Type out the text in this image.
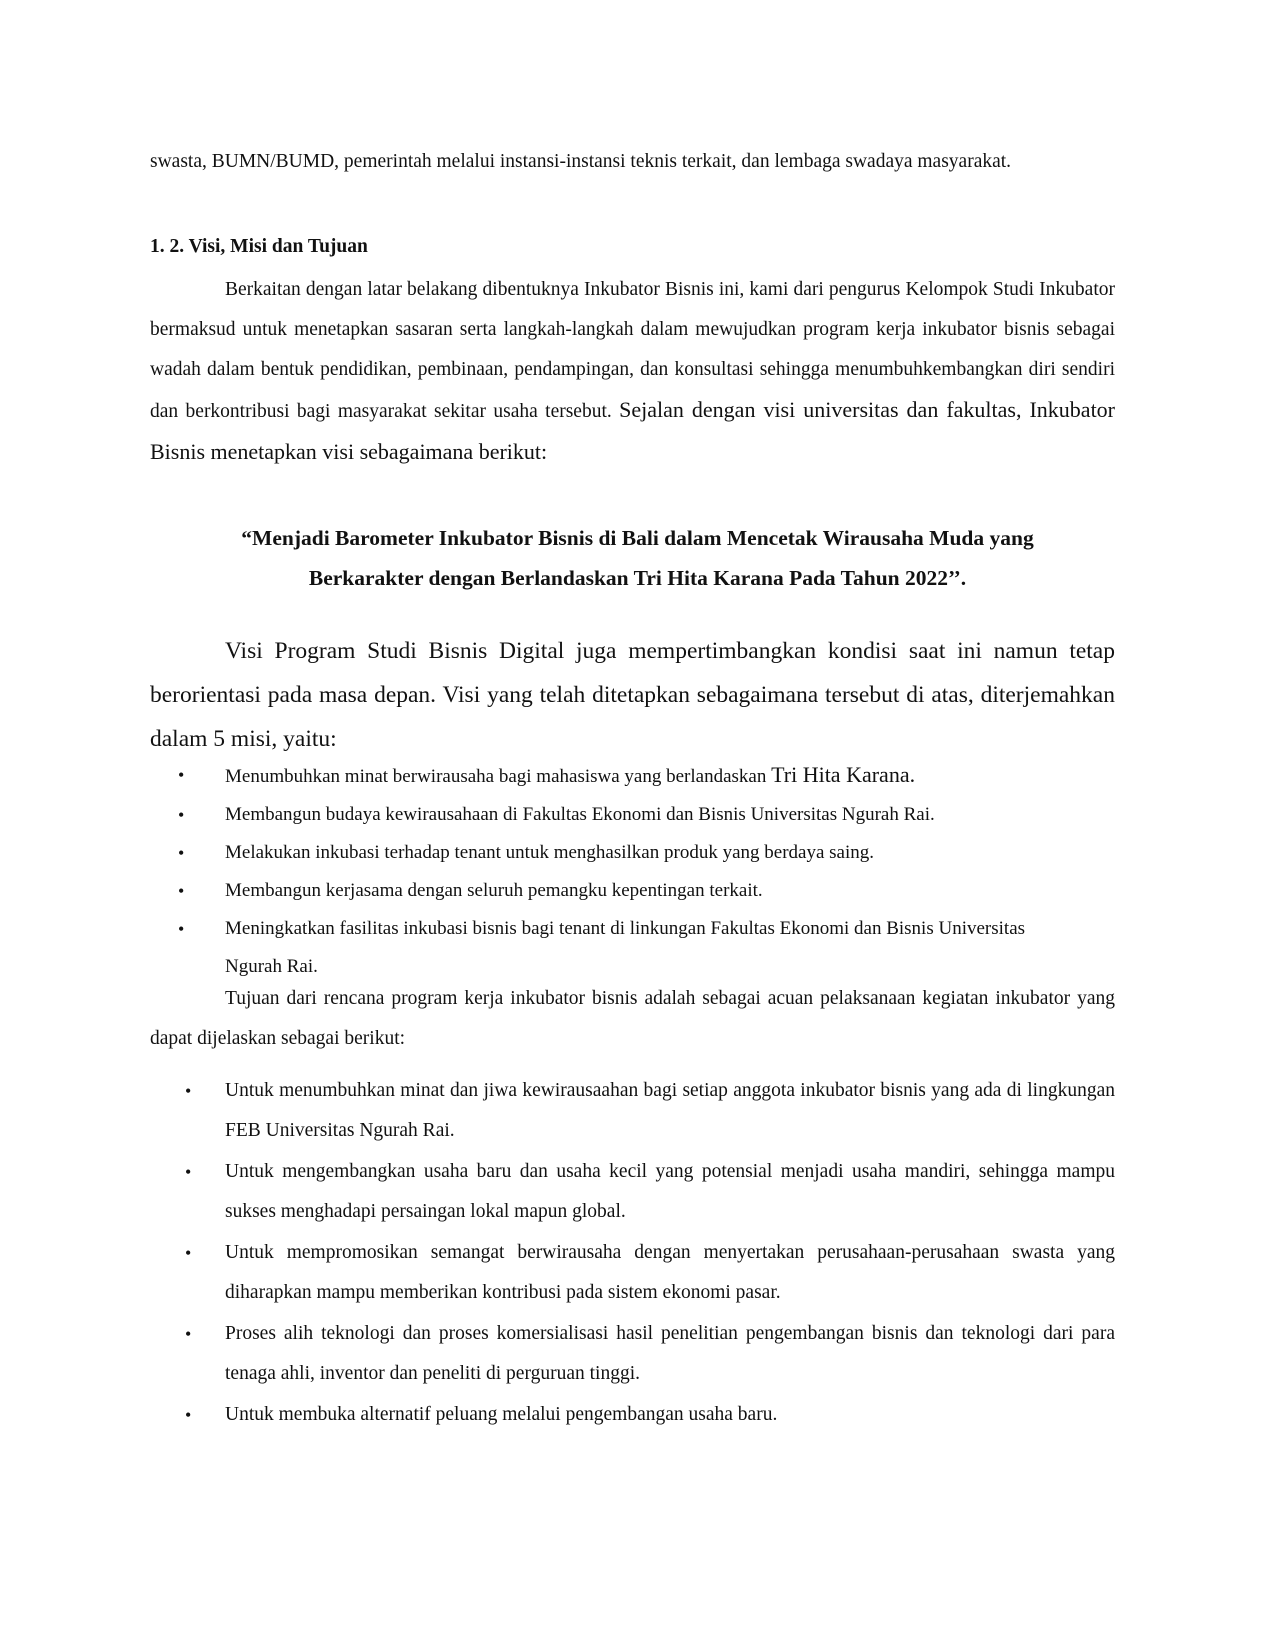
swasta, BUMN/BUMD, pemerintah melalui instansi-instansi teknis terkait, dan lembaga swadaya masyarakat.

1. 2. Visi, Misi dan Tujuan

Berkaitan dengan latar belakang dibentuknya Inkubator Bisnis ini, kami dari pengurus Kelompok Studi Inkubator bermaksud untuk menetapkan sasaran serta langkah-langkah dalam mewujudkan program kerja inkubator bisnis sebagai wadah dalam bentuk pendidikan, pembinaan, pendampingan, dan konsultasi sehingga menumbuhkembangkan diri sendiri dan berkontribusi bagi masyarakat sekitar usaha tersebut. Sejalan dengan visi universitas dan fakultas, Inkubator Bisnis menetapkan visi sebagaimana berikut:

“Menjadi Barometer Inkubator Bisnis di Bali dalam Mencetak Wirausaha Muda yang
Berkarakter dengan Berlandaskan Tri Hita Karana Pada Tahun 2022’’.

Visi Program Studi Bisnis Digital juga mempertimbangkan kondisi saat ini namun tetap berorientasi pada masa depan. Visi yang telah ditetapkan sebagaimana tersebut di atas, diterjemahkan dalam 5 misi, yaitu:

• Menumbuhkan minat berwirausaha bagi mahasiswa yang berlandaskan Tri Hita Karana.
• Membangun budaya kewirausahaan di Fakultas Ekonomi dan Bisnis Universitas Ngurah Rai.
• Melakukan inkubasi terhadap tenant untuk menghasilkan produk yang berdaya saing.
• Membangun kerjasama dengan seluruh pemangku kepentingan terkait.
• Meningkatkan fasilitas inkubasi bisnis bagi tenant di linkungan Fakultas Ekonomi dan Bisnis Universitas Ngurah Rai.

Tujuan dari rencana program kerja inkubator bisnis adalah sebagai acuan pelaksanaan kegiatan inkubator yang dapat dijelaskan sebagai berikut:

• Untuk menumbuhkan minat dan jiwa kewirausaahan bagi setiap anggota inkubator bisnis yang ada di lingkungan FEB Universitas Ngurah Rai.
• Untuk mengembangkan usaha baru dan usaha kecil yang potensial menjadi usaha mandiri, sehingga mampu sukses menghadapi persaingan lokal mapun global.
• Untuk mempromosikan semangat berwirausaha dengan menyertakan perusahaan-perusahaan swasta yang diharapkan mampu memberikan kontribusi pada sistem ekonomi pasar.
• Proses alih teknologi dan proses komersialisasi hasil penelitian pengembangan bisnis dan teknologi dari para tenaga ahli, inventor dan peneliti di perguruan tinggi.
• Untuk membuka alternatif peluang melalui pengembangan usaha baru.
